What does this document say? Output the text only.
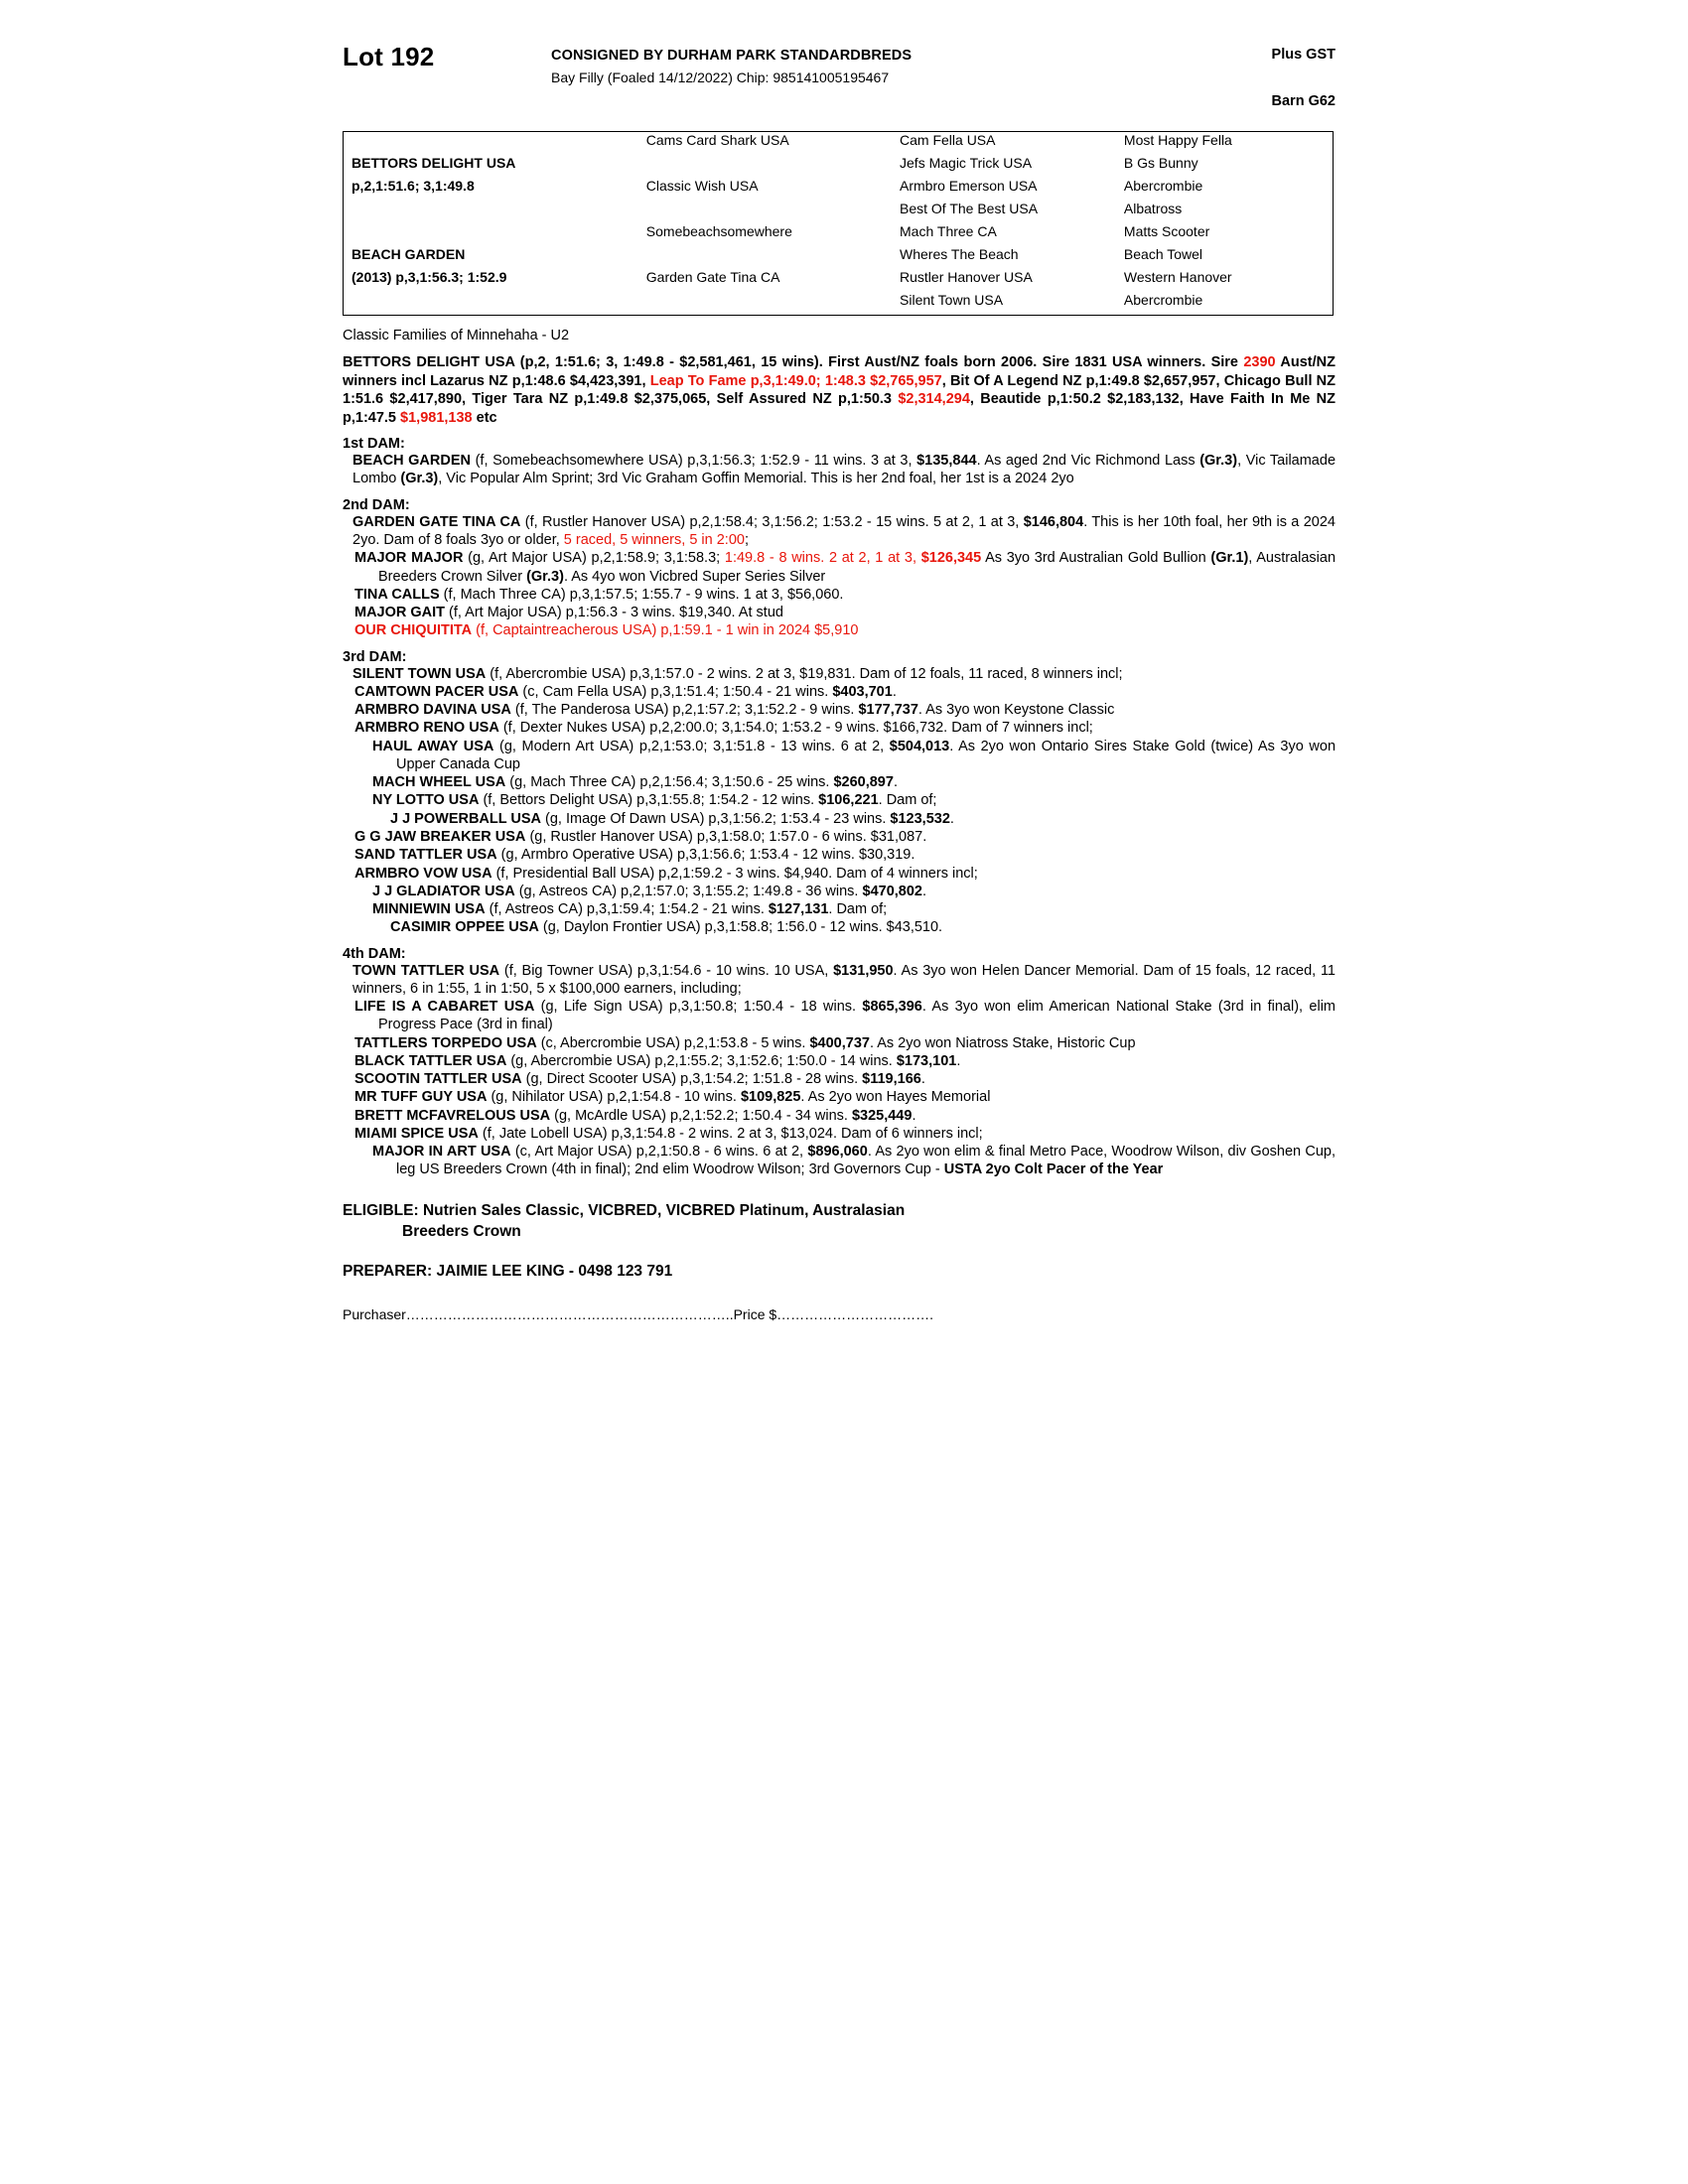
Lot 192	CONSIGNED BY DURHAM PARK STANDARDBREDS
Bay Filly (Foaled 14/12/2022) Chip: 985141005195467
Plus GST
Barn G62
	Cams Card Shark USA	Cam Fella USA	Most Happy Fella
BETTORS DELIGHT USA		Jefs Magic Trick USA	B Gs Bunny
p,2,1:51.6; 3,1:49.8	Classic Wish USA	Armbro Emerson USA	Abercrombie
		Best Of The Best USA	Albatross
	Somebeachsomewhere	Mach Three CA	Matts Scooter
BEACH GARDEN		Wheres The Beach	Beach Towel
(2013) p,3,1:56.3; 1:52.9	Garden Gate Tina CA	Rustler Hanover USA	Western Hanover
		Silent Town USA	Abercrombie
Classic Families of Minnehaha - U2
BETTORS DELIGHT USA (p,2, 1:51.6; 3, 1:49.8 - $2,581,461, 15 wins). First Aust/NZ foals born 2006. Sire 1831 USA winners. Sire 2390 Aust/NZ winners incl Lazarus NZ p,1:48.6 $4,423,391, Leap To Fame p,3,1:49.0; 1:48.3 $2,765,957, Bit Of A Legend NZ p,1:49.8 $2,657,957, Chicago Bull NZ 1:51.6 $2,417,890, Tiger Tara NZ p,1:49.8 $2,375,065, Self Assured NZ p,1:50.3 $2,314,294, Beautide p,1:50.2 $2,183,132, Have Faith In Me NZ p,1:47.5 $1,981,138 etc
1st DAM:

BEACH GARDEN (f, Somebeachsomewhere USA) p,3,1:56.3; 1:52.9 - 11 wins. 3 at 3, $135,844. As aged 2nd Vic Richmond Lass (Gr.3), Vic Tailamade Lombo (Gr.3), Vic Popular Alm Sprint; 3rd Vic Graham Goffin Memorial. This is her 2nd foal, her 1st is a 2024 2yo

2nd DAM:

GARDEN GATE TINA CA (f, Rustler Hanover USA) p,2,1:58.4; 3,1:56.2; 1:53.2 - 15 wins. 5 at 2, 1 at 3, $146,804. This is her 10th foal, her 9th is a 2024 2yo. Dam of 8 foals 3yo or older, 5 raced, 5 winners, 5 in 2:00;

MAJOR MAJOR (g, Art Major USA) p,2,1:58.9; 3,1:58.3; 1:49.8 - 8 wins. 2 at 2, 1 at 3, $126,345 As 3yo 3rd Australian Gold Bullion (Gr.1), Australasian Breeders Crown Silver (Gr.3). As 4yo won Vicbred Super Series Silver

TINA CALLS (f, Mach Three CA) p,3,1:57.5; 1:55.7 - 9 wins. 1 at 3, $56,060.

MAJOR GAIT (f, Art Major USA) p,1:56.3 - 3 wins. $19,340. At stud

OUR CHIQUITITA (f, Captaintreacherous USA) p,1:59.1 - 1 win in 2024 $5,910

3rd DAM:

SILENT TOWN USA (f, Abercrombie USA) p,3,1:57.0 - 2 wins. 2 at 3, $19,831. Dam of 12 foals, 11 raced, 8 winners incl;

CAMTOWN PACER USA (c, Cam Fella USA) p,3,1:51.4; 1:50.4 - 21 wins. $403,701.

ARMBRO DAVINA USA (f, The Panderosa USA) p,2,1:57.2; 3,1:52.2 - 9 wins. $177,737. As 3yo won Keystone Classic

ARMBRO RENO USA (f, Dexter Nukes USA) p,2,2:00.0; 3,1:54.0; 1:53.2 - 9 wins. $166,732. Dam of 7 winners incl;

HAUL AWAY USA (g, Modern Art USA) p,2,1:53.0; 3,1:51.8 - 13 wins. 6 at 2, $504,013. As 2yo won Ontario Sires Stake Gold (twice) As 3yo won Upper Canada Cup

MACH WHEEL USA (g, Mach Three CA) p,2,1:56.4; 3,1:50.6 - 25 wins. $260,897.

NY LOTTO USA (f, Bettors Delight USA) p,3,1:55.8; 1:54.2 - 12 wins. $106,221. Dam of;

J J POWERBALL USA (g, Image Of Dawn USA) p,3,1:56.2; 1:53.4 - 23 wins. $123,532.

G G JAW BREAKER USA (g, Rustler Hanover USA) p,3,1:58.0; 1:57.0 - 6 wins. $31,087.

SAND TATTLER USA (g, Armbro Operative USA) p,3,1:56.6; 1:53.4 - 12 wins. $30,319.

ARMBRO VOW USA (f, Presidential Ball USA) p,2,1:59.2 - 3 wins. $4,940. Dam of 4 winners incl;

J J GLADIATOR USA (g, Astreos CA) p,2,1:57.0; 3,1:55.2; 1:49.8 - 36 wins. $470,802.

MINNIEWIN USA (f, Astreos CA) p,3,1:59.4; 1:54.2 - 21 wins. $127,131. Dam of;

CASIMIR OPPEE USA (g, Daylon Frontier USA) p,3,1:58.8; 1:56.0 - 12 wins. $43,510.

4th DAM:

TOWN TATTLER USA (f, Big Towner USA) p,3,1:54.6 - 10 wins. 10 USA, $131,950. As 3yo won Helen Dancer Memorial. Dam of 15 foals, 12 raced, 11 winners, 6 in 1:55, 1 in 1:50, 5 x $100,000 earners, including;

LIFE IS A CABARET USA (g, Life Sign USA) p,3,1:50.8; 1:50.4 - 18 wins. $865,396. As 3yo won elim American National Stake (3rd in final), elim Progress Pace (3rd in final)

TATTLERS TORPEDO USA (c, Abercrombie USA) p,2,1:53.8 - 5 wins. $400,737. As 2yo won Niatross Stake, Historic Cup

BLACK TATTLER USA (g, Abercrombie USA) p,2,1:55.2; 3,1:52.6; 1:50.0 - 14 wins. $173,101.

SCOOTIN TATTLER USA (g, Direct Scooter USA) p,3,1:54.2; 1:51.8 - 28 wins. $119,166.

MR TUFF GUY USA (g, Nihilator USA) p,2,1:54.8 - 10 wins. $109,825. As 2yo won Hayes Memorial

BRETT MCFAVRELOUS USA (g, McArdle USA) p,2,1:52.2; 1:50.4 - 34 wins. $325,449.

MIAMI SPICE USA (f, Jate Lobell USA) p,3,1:54.8 - 2 wins. 2 at 3, $13,024. Dam of 6 winners incl;

MAJOR IN ART USA (c, Art Major USA) p,2,1:50.8 - 6 wins. 6 at 2, $896,060. As 2yo won elim & final Metro Pace, Woodrow Wilson, div Goshen Cup, leg US Breeders Crown (4th in final); 2nd elim Woodrow Wilson; 3rd Governors Cup - USTA 2yo Colt Pacer of the Year

ELIGIBLE: Nutrien Sales Classic, VICBRED, VICBRED Platinum, Australasian
Breeders Crown
PREPARER: JAIMIE LEE KING - 0498 123 791
Purchaser……………………………………………………………..Price $…………………………….
